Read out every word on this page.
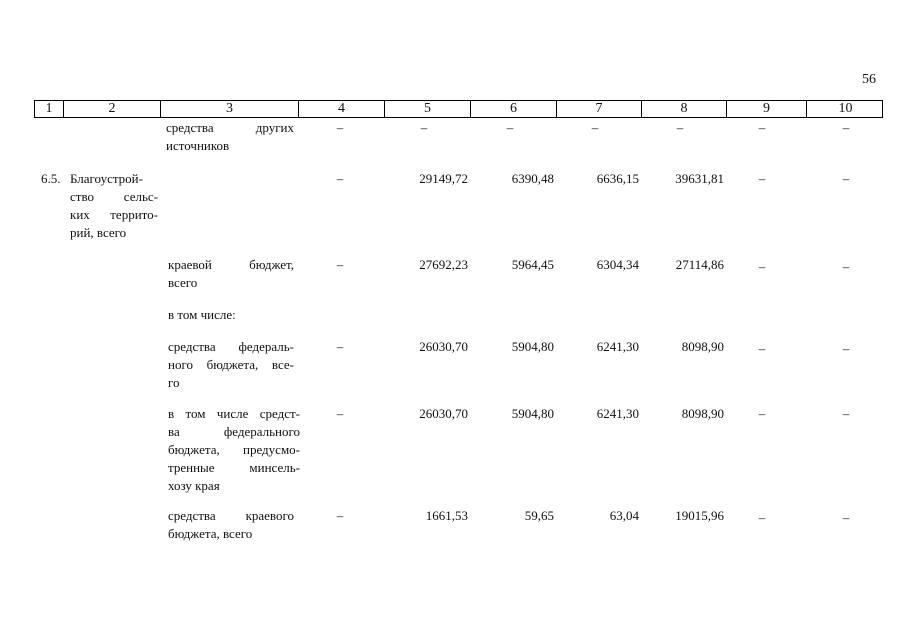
56
1	2	3	4	5	6	7	8	9	10
средства других
источников
–	–	–	–	–	–	–
6.5. Благоустрой-
ство сельс-
ких террито-
рий, всего
–	29149,72	6390,48	6636,15	39631,81	–	–
краевой бюджет,
всего
–	27692,23	5964,45	6304,34	27114,86	–	–
в том числе:
средства федераль-
ного бюджета, все-
го
–	26030,70	5904,80	6241,30	8098,90	–	–
в том числе средст-
ва федерального
бюджета, предусмо-
тренные минсель-
хозу края
–	26030,70	5904,80	6241,30	8098,90	–	–
средства краевого
бюджета, всего
–	1661,53	59,65	63,04	19015,96	–	–
